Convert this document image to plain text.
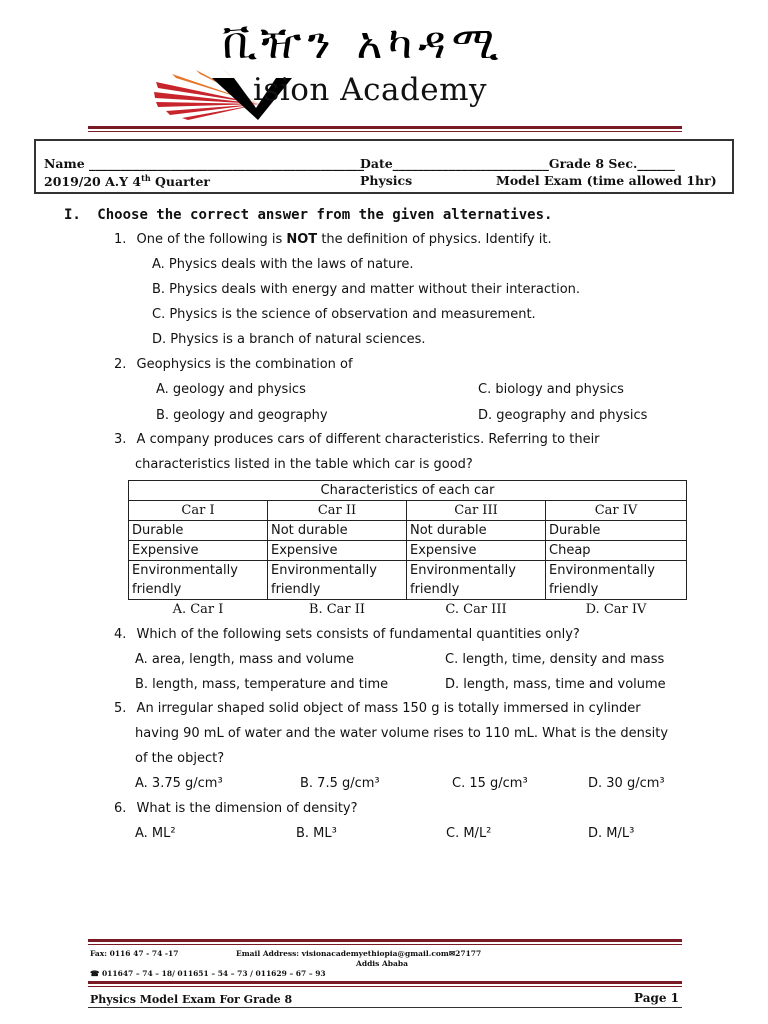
ቪዥን አካዳሚ
ision Academy
Name ____________________________________________
Date_________________________Grade 8 Sec.______
2019/20 A.Y 4th Quarter	Physics	Model Exam (time allowed 1hr)
I. Choose the correct answer from the given alternatives.
1. One of the following is NOT the definition of physics. Identify it.
A. Physics deals with the laws of nature.
B. Physics deals with energy and matter without their interaction.
C. Physics is the science of observation and measurement.
D. Physics is a branch of natural sciences.
2. Geophysics is the combination of
A. geology and physics	C. biology and physics
B. geology and geography	D. geography and physics
3. A company produces cars of different characteristics. Referring to their
characteristics listed in the table which car is good?
Characteristics of each car			
Car I	Car II	Car III	Car IV
Durable	Not durable	Not durable	Durable
Expensive	Expensive	Expensive	Cheap
Environmentally
friendly	Environmentally
friendly	Environmentally
friendly	Environmentally
friendly
A. Car I	B. Car II	C. Car III	D. Car IV
4. Which of the following sets consists of fundamental quantities only?
A. area, length, mass and volume	C. length, time, density and mass
B. length, mass, temperature and time	D. length, mass, time and volume
5. An irregular shaped solid object of mass 150 g is totally immersed in cylinder
having 90 mL of water and the water volume rises to 110 mL. What is the density
of the object?
A. 3.75 g/cm³	B. 7.5 g/cm³	C. 15 g/cm³	D. 30 g/cm³
6. What is the dimension of density?
A. ML²	B. ML³	C. M/L²	D. M/L³
Fax: 0116 47 - 74 -17	Email Address: visionacademyethiopia@gmail.com✉27177
Addis Ababa
☎ 011647 – 74 – 18/ 011651 – 54 – 73 / 011629 – 67 – 93
Physics Model Exam For Grade 8	Page 1
